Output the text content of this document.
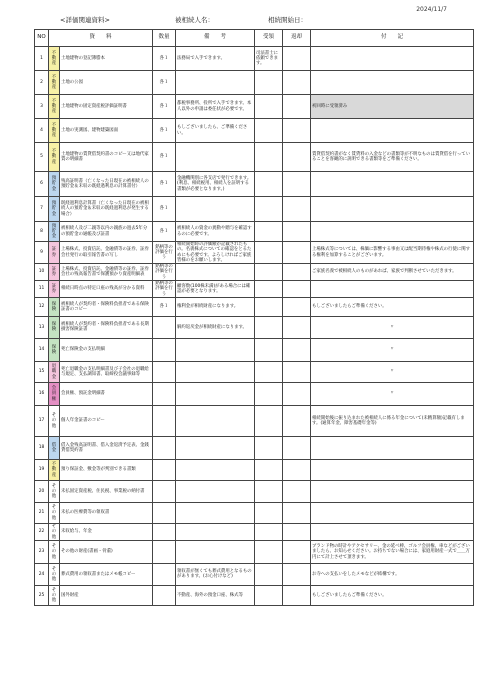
2024/11/7
<詳価関連資料>	被相続人名：	相続開始日：
NO	資　　料		数量	備　　考	受領	返却	付　　記
1	不動産	土地建物の登記簿謄本	各１	法務局で入手できます。	司法書士に依頼できます。		
2	不動産	土地の公図	各１				
3	不動産	土地建物の固定資産税評価証明書	各１	都税事務所、役所で入手できます。本人以外の申請は委任状が必要です。			初回時に受領済み
4	不動産	土地の実測図、建物建築図面	各１	もしございましたら、ご準備ください。			
5	不動産	土地建物の賃貸借契約書のコピー又は地代家賃の明細書	各１				賃貸借契約書がなく賃貸料の入金などの書類等が不明なものは賃貸借を行っていることを客観的に説明できる書類等をご準備ください。
6	預貯金	残高証明書（亡くなった日現在の被相続人の預貯金＆未収の既経過利息の計算書付）	各１	金融機関別に各支店で発行できます。(利息、相続税用、相続人を証明する書類が必要となります。)			
7	預貯金	既経過利息計算書（亡くなった日現在の被相続人の預貯金＆未収の既経過利息が発生する場合）	各１				
8	預貯金	被相続人及び二親等以内の親族の過去5年分の預貯金の通帳及び証書	各１	被相続人の資金の異動や贈与を確認するのに必要です。			
9	証券	上場株式、投資信託、金融債等の証券、証券会社発行の取引報告書の写し	銘柄等の評価を行う	相続開始時の評価額が記載されたもの。名義株式についての確認をとるためにも必要です。よろしければご家族皆様のをお願いします。			上場株式等については、株価に影響する事由又は配当期待権や株式の行使に関する権利を加算することがございます。
10	証券	上場株式、投資信託、金融債等の証券、証券会社の残高報告書で保護預かり資産明細表	銘柄等の評価を行う				ご家族名義で被相続人のものがあれば、家族で判断させていただきます。
11	証券	相続日時点の特定口座の残高が分かる資料	銘柄等の評価を行う	顧客数(100株未満)がある場合には確認が必要となります。			
12	保険	被相続人が契約者・保険料負担者である保険証書のコピー	各１	権利金が相続財産になります。			もしございましたらご準備ください。
13	保険	被相続人が契約者・保険料負担者である長期損害保険証書		解約返戻金が相続財産になります。			〃
14	保険	死亡保険金の支払明細					〃
15	退職金	死亡退職金の支払明細書及び子会社の退職給与規定、支払調知書、取締役会議事録等					〃
16	会員権	会員権、預託金明細書					〃
17	その他	個人年金証書のコピー					相続開始後に振り込まれた被相続人に係る年金について(未精算額)記載有します。(通算年金、障害基礎年金等)
18	借金	借入金残高証明書、借入金返済予定表、金銭貸借契約書					
19	不動産	預り保証金、敷金等が判別できる書類					
20	その他	未払固定資産税、住民税、事業税の納付書					
21	その他	未払の医療費等の領収書					
22	その他	未収給与、年金					
23	その他	その他の財産(書画・骨董)					ブランド物の時計やアクセサリー、金の延べ棒、ゴルフ会員権、車などがございましたら、お知らせください。お持ちでない場合には、家庭用財産一式で＿＿万円にて計上させて頂きます。
24	その他	葬式費用の領収書またはメモ帳コピー		領収書が無くても葬式費用となるものがあります。(お心付けなど)			お寺への支払いをしたメモなどが結構です。
25	その他	国外財産		不動産、海外の預金口座、株式等			もしございましたらご準備ください。
